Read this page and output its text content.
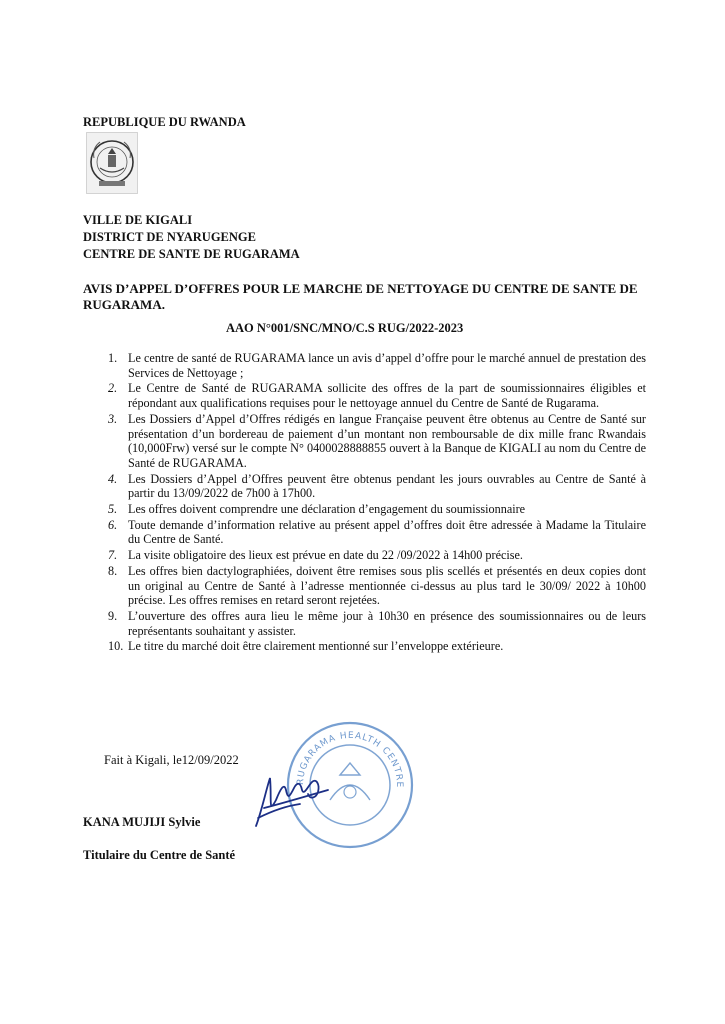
REPUBLIQUE DU RWANDA
VILLE DE KIGALI
DISTRICT DE NYARUGENGE
CENTRE DE SANTE DE RUGARAMA
AVIS D’APPEL D’OFFRES POUR LE MARCHE DE NETTOYAGE DU CENTRE DE SANTE DE RUGARAMA.
AAO N°001/SNC/MNO/C.S RUG/2022-2023
1. Le centre de santé de RUGARAMA lance un avis d’appel d’offre pour le marché annuel de prestation des Services de Nettoyage ;
2. Le Centre de Santé de RUGARAMA sollicite des offres de la part de soumissionnaires éligibles et répondant aux qualifications requises pour le nettoyage annuel du Centre de Santé de Rugarama.
3. Les Dossiers d’Appel d’Offres rédigés en langue Française peuvent être obtenus au Centre de Santé sur présentation d’un bordereau de paiement d’un montant non remboursable de dix mille franc Rwandais (10,000Frw) versé sur le compte N° 0400028888855 ouvert à la Banque de KIGALI au nom du Centre de Santé de RUGARAMA.
4. Les Dossiers d’Appel d’Offres peuvent être obtenus pendant les jours ouvrables au Centre de Santé à partir du 13/09/2022 de 7h00 à 17h00.
5. Les offres doivent comprendre une déclaration d’engagement du soumissionnaire
6. Toute demande d’information relative au présent appel d’offres doit être adressée à Madame la Titulaire du Centre de Santé.
7. La visite obligatoire des lieux est prévue en date du 22 /09/2022 à 14h00 précise.
8. Les offres bien dactylographiées, doivent être remises sous plis scellés et présentés en deux copies dont un original au Centre de Santé à l’adresse mentionnée ci-dessus au plus tard le 30/09/ 2022 à 10h00 précise. Les offres remises en retard seront rejetées.
9. L’ouverture des offres aura lieu le même jour à 10h30 en présence des soumissionnaires ou de leurs représentants souhaitant y assister.
10. Le titre du marché doit être clairement mentionné sur l’enveloppe extérieure.
RUGARAMA HEALTH CENTRE
Fait à Kigali, le12/09/2022
KANA MUJIJI Sylvie
Titulaire du Centre de Santé
